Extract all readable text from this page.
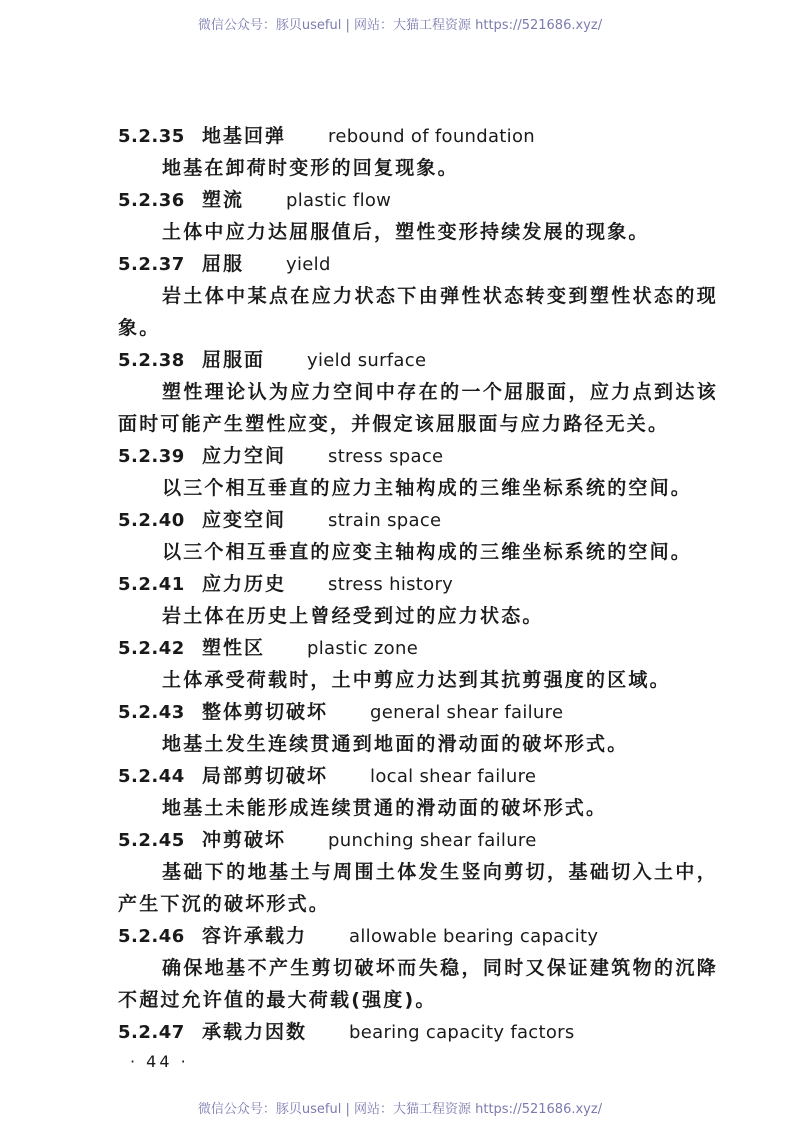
微信公众号：豚贝useful | 网站：大猫工程资源 https://521686.xyz/
5.2.35 地基回弹	rebound of foundation

地基在卸荷时变形的回复现象。

5.2.36 塑流	plastic flow

土体中应力达屈服值后，塑性变形持续发展的现象。

5.2.37 屈服	yield

岩土体中某点在应力状态下由弹性状态转变到塑性状态的现象。

5.2.38 屈服面	yield surface

塑性理论认为应力空间中存在的一个屈服面，应力点到达该面时可能产生塑性应变，并假定该屈服面与应力路径无关。

5.2.39 应力空间	stress space

以三个相互垂直的应力主轴构成的三维坐标系统的空间。

5.2.40 应变空间	strain space

以三个相互垂直的应变主轴构成的三维坐标系统的空间。

5.2.41 应力历史	stress history

岩土体在历史上曾经受到过的应力状态。

5.2.42 塑性区	plastic zone

土体承受荷载时，土中剪应力达到其抗剪强度的区域。

5.2.43 整体剪切破坏	general shear failure

地基土发生连续贯通到地面的滑动面的破坏形式。

5.2.44 局部剪切破坏	local shear failure

地基土未能形成连续贯通的滑动面的破坏形式。

5.2.45 冲剪破坏	punching shear failure

基础下的地基土与周围土体发生竖向剪切，基础切入土中，产生下沉的破坏形式。

5.2.46 容许承载力	allowable bearing capacity

确保地基不产生剪切破坏而失稳，同时又保证建筑物的沉降不超过允许值的最大荷载(强度)。

5.2.47 承载力因数	bearing capacity factors
· 44 ·
微信公众号：豚贝useful | 网站：大猫工程资源 https://521686.xyz/
